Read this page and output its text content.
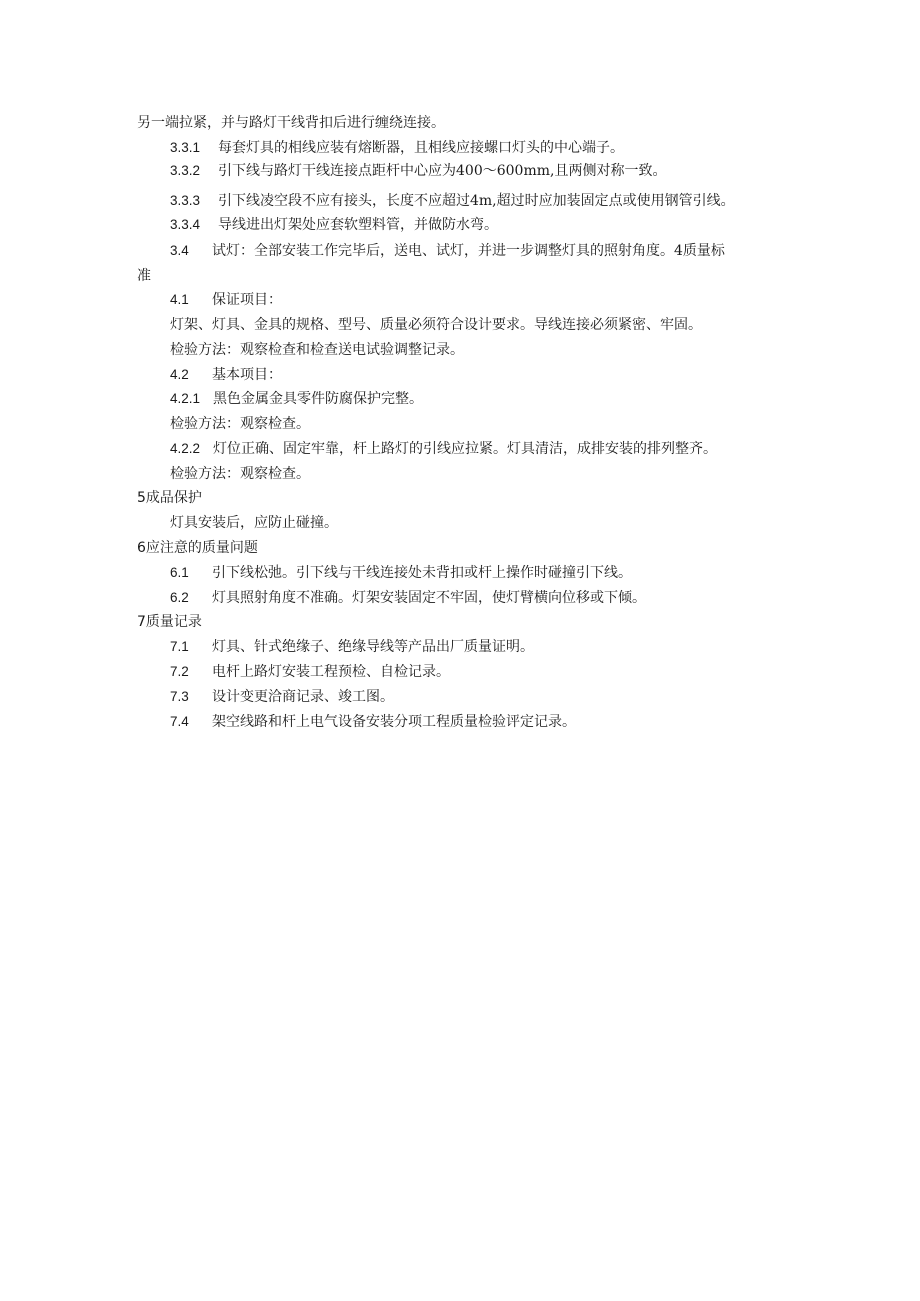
另一端拉紧，并与路灯干线背扣后进行缠绕连接。
3.3.1 每套灯具的相线应装有熔断器，且相线应接螺口灯头的中心端子。
3.3.2 引下线与路灯干线连接点距杆中心应为400～600mm,且两侧对称一致。
3.3.3 引下线凌空段不应有接头，长度不应超过4m,超过时应加装固定点或使用钢管引线。
3.3.4 导线进出灯架处应套软塑料管，并做防水弯。
3.4 试灯：全部安装工作完毕后，送电、试灯，并进一步调整灯具的照射角度。4质量标
准
4.1 保证项目：
灯架、灯具、金具的规格、型号、质量必须符合设计要求。导线连接必须紧密、牢固。
检验方法：观察检查和检查送电试验调整记录。
4.2 基本项目：
4.2.1 黑色金属金具零件防腐保护完整。
检验方法：观察检查。
4.2.2 灯位正确、固定牢靠，杆上路灯的引线应拉紧。灯具清洁，成排安装的排列整齐。
检验方法：观察检查。
5成品保护
灯具安装后，应防止碰撞。
6应注意的质量问题
6.1 引下线松弛。引下线与干线连接处未背扣或杆上操作时碰撞引下线。
6.2 灯具照射角度不准确。灯架安装固定不牢固，使灯臂横向位移或下倾。
7质量记录
7.1 灯具、针式绝缘子、绝缘导线等产品出厂质量证明。
7.2 电杆上路灯安装工程预检、自检记录。
7.3 设计变更洽商记录、竣工图。
7.4 架空线路和杆上电气设备安装分项工程质量检验评定记录。
